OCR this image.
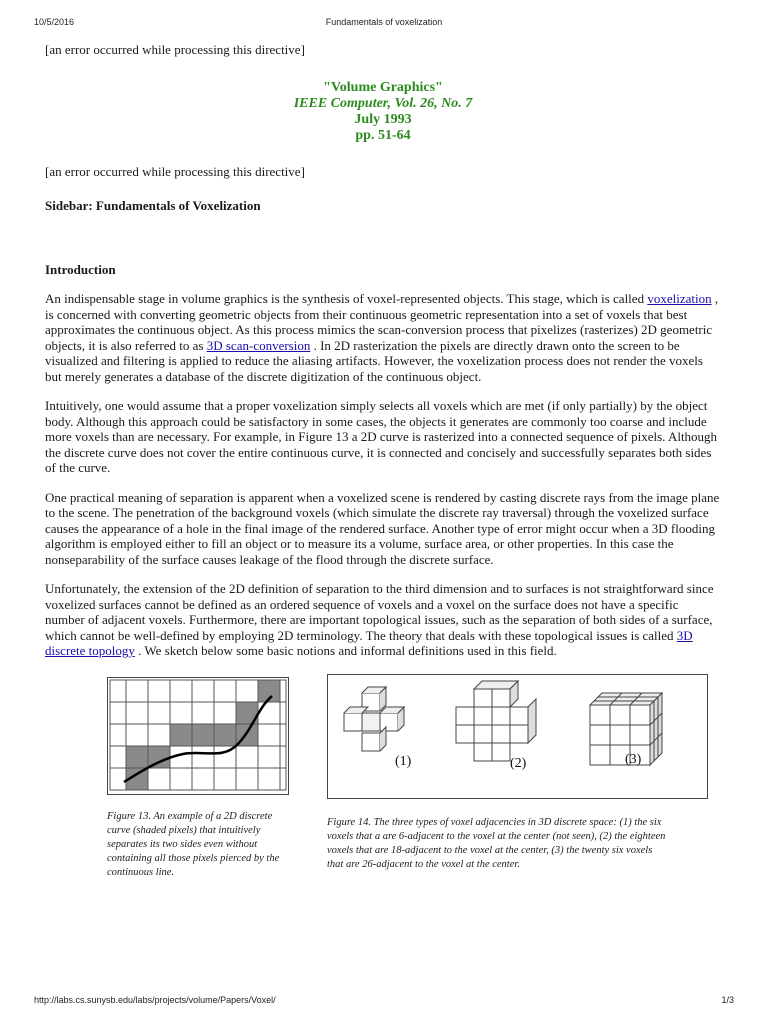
10/5/2016	Fundamentals of voxelization

[an error occurred while processing this directive]

"Volume Graphics"
IEEE Computer, Vol. 26, No. 7
July 1993
pp. 51-64

[an error occurred while processing this directive]

Sidebar: Fundamentals of Voxelization
Introduction

An indispensable stage in volume graphics is the synthesis of voxel-represented objects. This stage, which is called voxelization , is concerned with converting geometric objects from their continuous geometric representation into a set of voxels that best approximates the continuous object. As this process mimics the scan-conversion process that pixelizes (rasterizes) 2D geometric objects, it is also referred to as 3D scan-conversion . In 2D rasterization the pixels are directly drawn onto the screen to be visualized and filtering is applied to reduce the aliasing artifacts. However, the voxelization process does not render the voxels but merely generates a database of the discrete digitization of the continuous object.

Intuitively, one would assume that a proper voxelization simply selects all voxels which are met (if only partially) by the object body. Although this approach could be satisfactory in some cases, the objects it generates are commonly too coarse and include more voxels than are necessary. For example, in Figure 13 a 2D curve is rasterized into a connected sequence of pixels. Although the discrete curve does not cover the entire continuous curve, it is connected and concisely and successfully separates both sides of the curve.

One practical meaning of separation is apparent when a voxelized scene is rendered by casting discrete rays from the image plane to the scene. The penetration of the background voxels (which simulate the discrete ray traversal) through the voxelized surface causes the appearance of a hole in the final image of the rendered surface. Another type of error might occur when a 3D flooding algorithm is employed either to fill an object or to measure its a volume, surface area, or other properties. In this case the nonseparability of the surface causes leakage of the flood through the discrete surface.

Unfortunately, the extension of the 2D definition of separation to the third dimension and to surfaces is not straightforward since voxelized surfaces cannot be defined as an ordered sequence of voxels and a voxel on the surface does not have a specific number of adjacent voxels. Furthermore, there are important topological issues, such as the separation of both sides of a surface, which cannot be well-defined by employing 2D terminology. The theory that deals with these topological issues is called 3D discrete topology . We sketch below some basic notions and informal definitions used in this field.

(1)	(2)	(3)
Figure 13. An example of a 2D discrete curve (shaded pixels) that intuitively separates its two sides even without containing all those pixels pierced by the continuous line.
Figure 14. The three types of voxel adjacencies in 3D discrete space: (1) the six voxels that a are 6-adjacent to the voxel at the center (not seen), (2) the eighteen voxels that are 18-adjacent to the voxel at the center, (3) the twenty six voxels that are 26-adjacent to the voxel at the center.
http://labs.cs.sunysb.edu/labs/projects/volume/Papers/Voxel/	1/3
